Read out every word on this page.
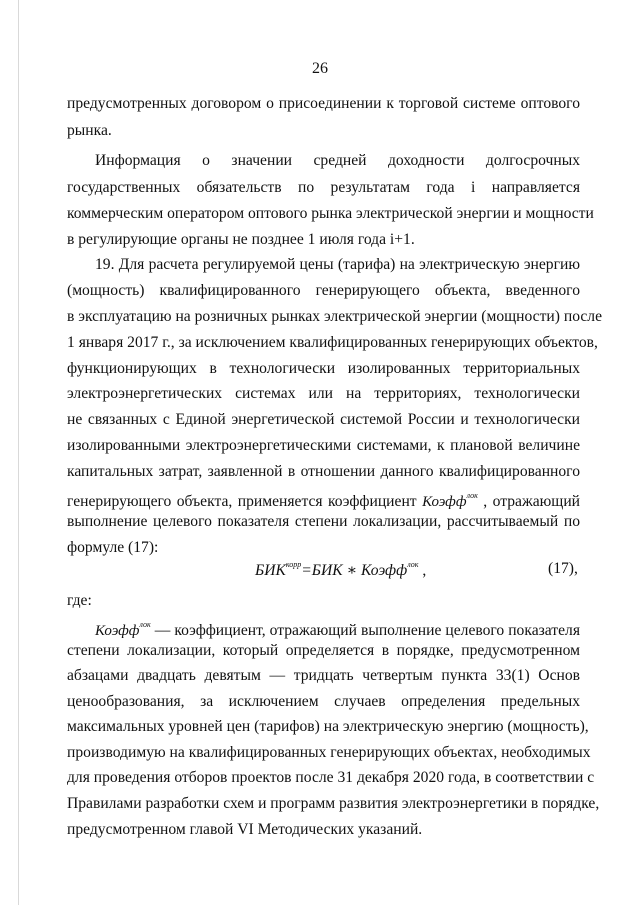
26
предусмотренных договором о присоединении к торговой системе оптового
рынка.
Информация о значении средней доходности долгосрочных
государственных обязательств по результатам года i направляется
коммерческим оператором оптового рынка электрической энергии и мощности
в регулирующие органы не позднее 1 июля года i+1.
19. Для расчета регулируемой цены (тарифа) на электрическую энергию
(мощность) квалифицированного генерирующего объекта, введенного
в эксплуатацию на розничных рынках электрической энергии (мощности) после
1 января 2017 г., за исключением квалифицированных генерирующих объектов,
функционирующих в технологически изолированных территориальных
электроэнергетических системах или на территориях, технологически
не связанных с Единой энергетической системой России и технологически
изолированными электроэнергетическими системами, к плановой величине
капитальных затрат, заявленной в отношении данного квалифицированного
генерирующего объекта, применяется коэффициент Коэфф$^{лок}$ , отражающий
выполнение целевого показателя степени локализации, рассчитываемый по
формуле (17):
$БИК^{корр}=БИК$ ∗ Коэфф$^{лок}$ ,	(17),
где:
Коэфф$^{лок}$ — коэффициент, отражающий выполнение целевого показателя
степени локализации, который определяется в порядке, предусмотренном
абзацами двадцать девятым — тридцать четвертым пункта 33(1) Основ
ценообразования, за исключением случаев определения предельных
максимальных уровней цен (тарифов) на электрическую энергию (мощность),
производимую на квалифицированных генерирующих объектах, необходимых
для проведения отборов проектов после 31 декабря 2020 года, в соответствии с
Правилами разработки схем и программ развития электроэнергетики в порядке,
предусмотренном главой VI Методических указаний.
